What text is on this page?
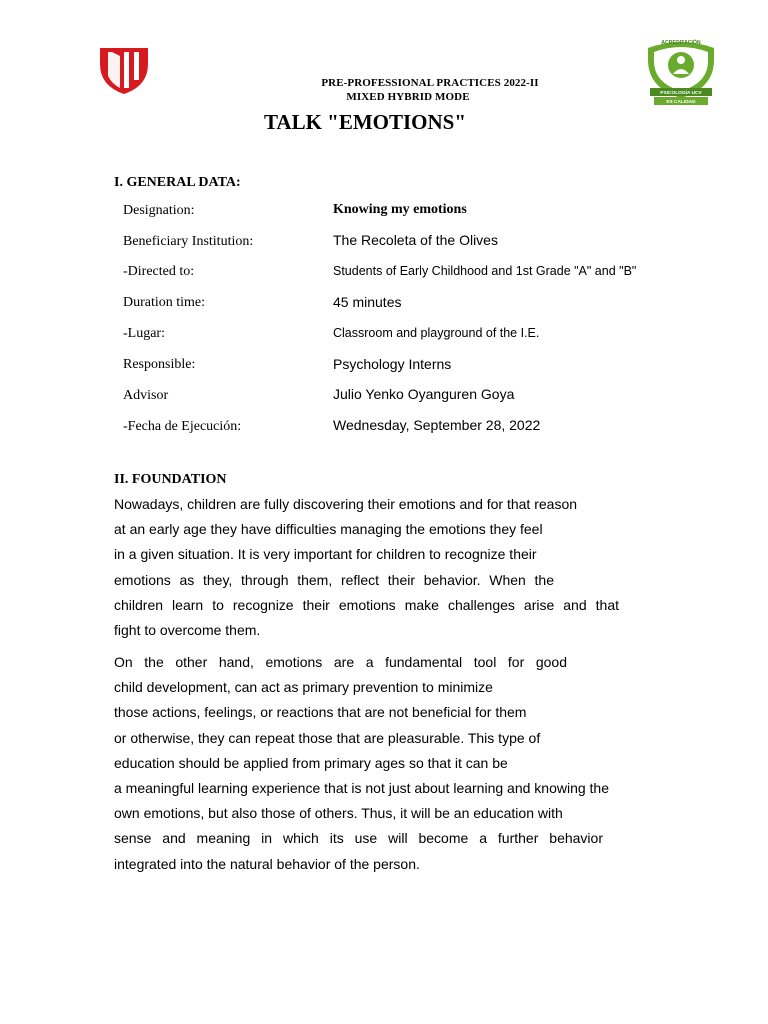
ACREDITACIÓN
PSICOLOGÍA UCV
ES CALIDAD
PRE-PROFESSIONAL PRACTICES 2022-II
MIXED HYBRID MODE
TALK "EMOTIONS"
I. GENERAL DATA:
Designation:	Knowing my emotions
Beneficiary Institution:	The Recoleta of the Olives
-Directed to:	Students of Early Childhood and 1st Grade "A" and "B"
Duration time:	45 minutes
-Lugar:	Classroom and playground of the I.E.
Responsible:	Psychology Interns
Advisor	Julio Yenko Oyanguren Goya
-Fecha de Ejecución:	Wednesday, September 28, 2022
II. FOUNDATION
Nowadays, children are fully discovering their emotions and for that reason
at an early age they have difficulties managing the emotions they feel
in a given situation. It is very important for children to recognize their
emotions as they, through them, reflect their behavior. When the
children learn to recognize their emotions make challenges arise and that
fight to overcome them.
On the other hand, emotions are a fundamental tool for good
child development, can act as primary prevention to minimize
those actions, feelings, or reactions that are not beneficial for them
or otherwise, they can repeat those that are pleasurable. This type of
education should be applied from primary ages so that it can be
a meaningful learning experience that is not just about learning and knowing the
own emotions, but also those of others. Thus, it will be an education with
sense and meaning in which its use will become a further behavior
integrated into the natural behavior of the person.
